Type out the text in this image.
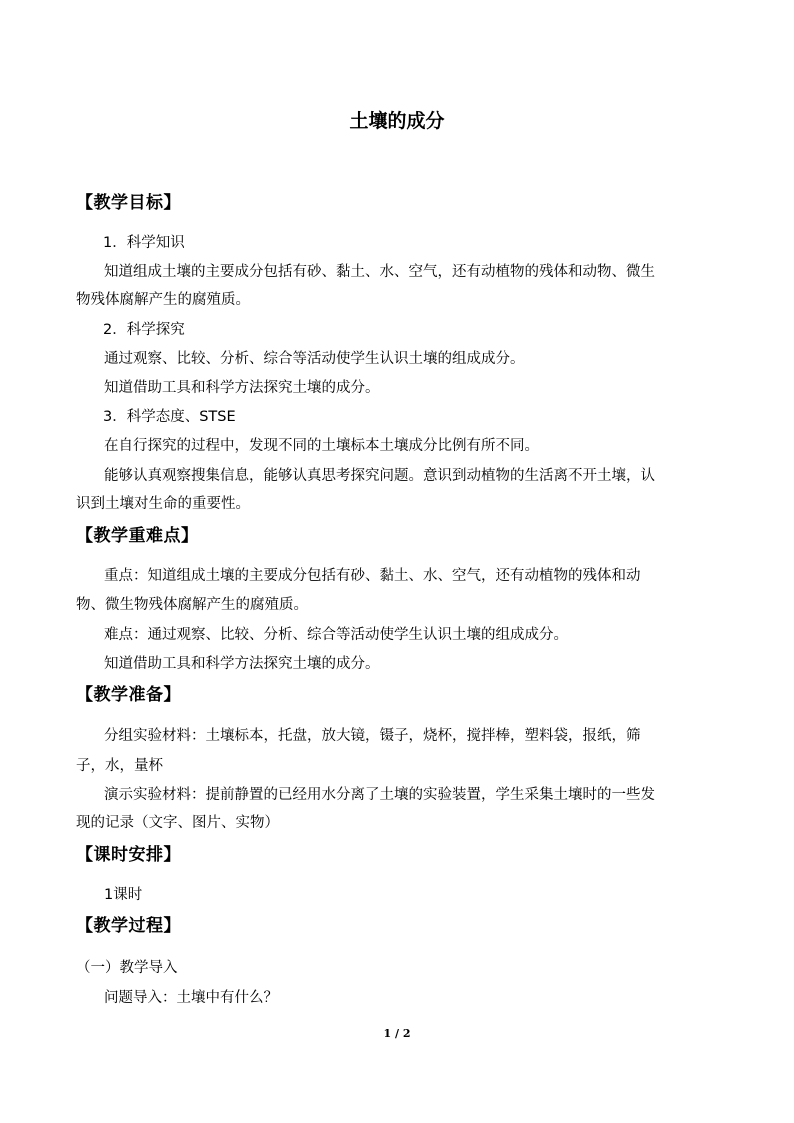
土壤的成分
【教学目标】
1．科学知识
知道组成土壤的主要成分包括有砂、黏土、水、空气，还有动植物的残体和动物、微生
物残体腐解产生的腐殖质。
2．科学探究
通过观察、比较、分析、综合等活动使学生认识土壤的组成成分。
知道借助工具和科学方法探究土壤的成分。
3．科学态度、STSE
在自行探究的过程中，发现不同的土壤标本土壤成分比例有所不同。
能够认真观察搜集信息，能够认真思考探究问题。意识到动植物的生活离不开土壤，认
识到土壤对生命的重要性。
【教学重难点】
重点：知道组成土壤的主要成分包括有砂、黏土、水、空气，还有动植物的残体和动
物、微生物残体腐解产生的腐殖质。
难点：通过观察、比较、分析、综合等活动使学生认识土壤的组成成分。
知道借助工具和科学方法探究土壤的成分。
【教学准备】
分组实验材料：土壤标本，托盘，放大镜，镊子，烧杯，搅拌棒，塑料袋，报纸，筛
子，水，量杯
演示实验材料：提前静置的已经用水分离了土壤的实验装置，学生采集土壤时的一些发
现的记录（文字、图片、实物）
【课时安排】
1课时
【教学过程】
（一）教学导入
问题导入：土壤中有什么？
1 / 2
